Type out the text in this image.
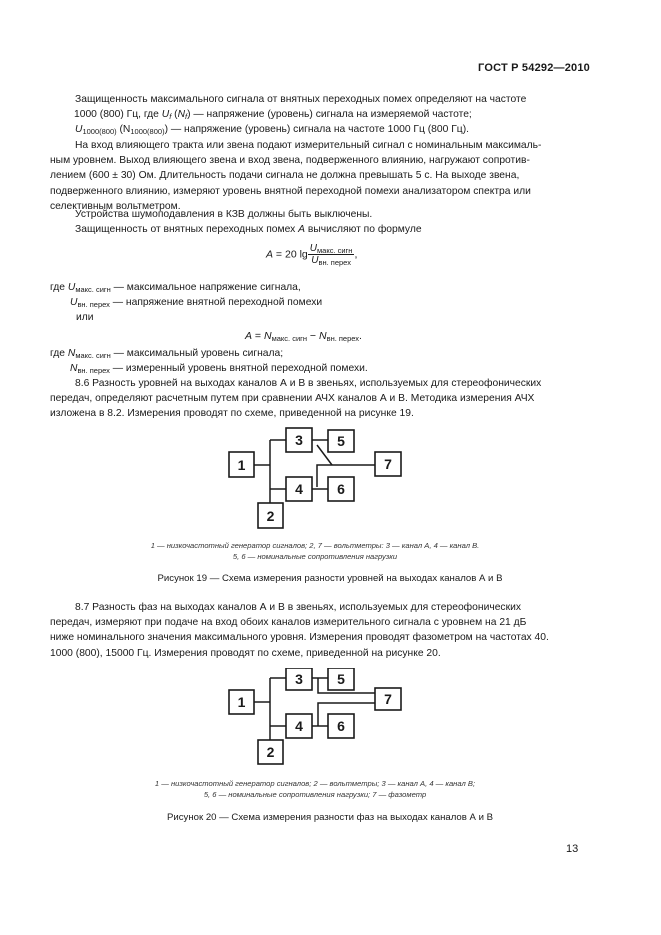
ГОСТ Р 54292—2010
Защищенность максимального сигнала от внятных переходных помех определяют на частоте
1000 (800) Гц, где $U_f$ $(N_f)$ — напряжение (уровень) сигнала на измеряемой частоте;
$U_{1000(800)}$ $(N_{1000(800)})$ — напряжение (уровень) сигнала на частоте 1000 Гц (800 Гц).
На вход влияющего тракта или звена подают измерительный сигнал с номинальным максималь-
ным уровнем. Выход влияющего звена и вход звена, подверженного влиянию, нагружают сопротив-
лением (600 ± 30) Ом. Длительность подачи сигнала не должна превышать 5 с. На выходе звена,
подверженного влиянию, измеряют уровень внятной переходной помехи анализатором спектра или
селективным вольтметром.
Устройства шумоподавления в КЗВ должны быть выключены.
Защищенность от внятных переходных помех A вычисляют по формуле
A = 20 $\lg \frac{U_{макс. сигн}}{U_{вн. перех}}$ ,
где $U_{макс. сигн}$ — максимальное напряжение сигнала,
$U_{вн. перех}$ — напряжение внятной переходной помехи
или
$A = N_{макс. сигн} - N_{вн. перех}$.
где $N_{макс. сигн}$ — максимальный уровень сигнала;
$N_{вн. перех}$ — измеренный уровень внятной переходной помехи.
8.6 Разность уровней на выходах каналов А и В в звеньях, используемых для стереофонических
передач, определяют расчетным путем при сравнении АЧХ каналов А и В. Методика измерения АЧХ
изложена в 8.2. Измерения проводят по схеме, приведенной на рисунке 19.
1
2
3
4
5
6
7
1 — низкочастотный генератор сигналов; 2, 7 — вольтметры: 3 — канал А, 4 — канал В.
5, 6 — номинальные сопротивления нагрузки
Рисунок 19 — Схема измерения разности уровней на выходах каналов А и В
8.7 Разность фаз на выходах каналов А и В в звеньях, используемых для стереофонических
передач, измеряют при подаче на вход обоих каналов измерительного сигнала с уровнем на 21 дБ
ниже номинального значения максимального уровня. Измерения проводят фазометром на частотах 40.
1000 (800), 15000 Гц. Измерения проводят по схеме, приведенной на рисунке 20.
1
2
3
4
5
6
7
1 — низкочастотный генератор сигналов; 2 — вольтметры; 3 — канал А, 4 — канал В;
5, 6 — номинальные сопротивления нагрузки; 7 — фазометр
Рисунок 20 — Схема измерения разности фаз на выходах каналов А и В
13
